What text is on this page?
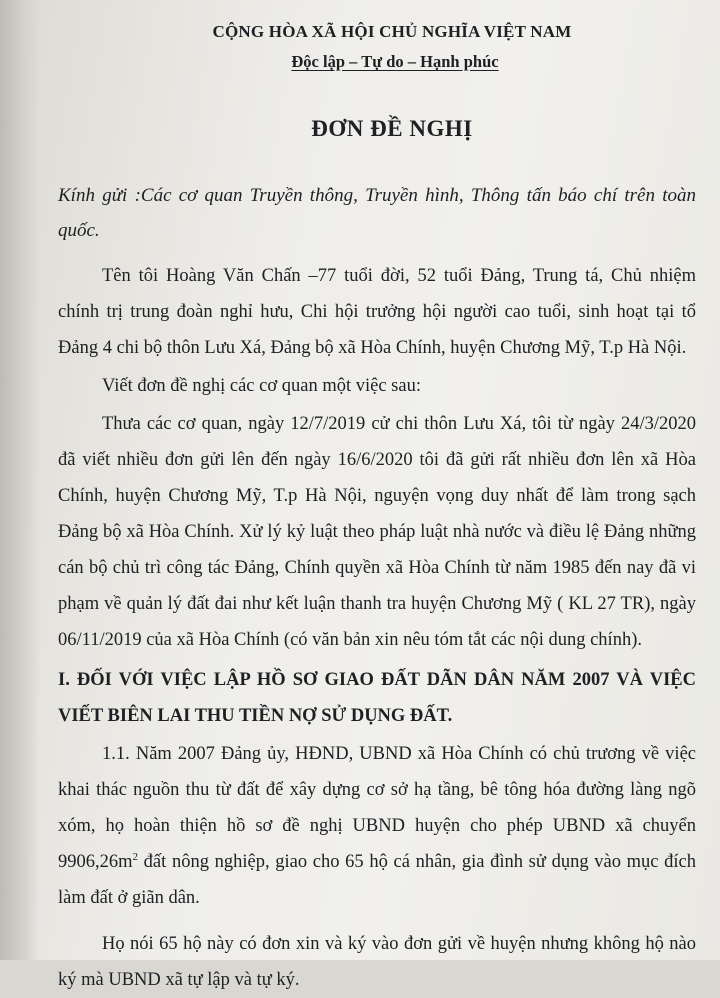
CỘNG HÒA XÃ HỘI CHỦ NGHĨA VIỆT NAM
Độc lập – Tự do – Hạnh phúc
ĐƠN ĐỀ NGHỊ
Kính gửi :Các cơ quan Truyền thông, Truyền hình, Thông tấn báo chí trên toàn quốc.

Tên tôi Hoàng Văn Chấn –77 tuổi đời, 52 tuổi Đảng, Trung tá, Chủ nhiệm chính trị trung đoàn nghỉ hưu, Chi hội trưởng hội người cao tuổi, sinh hoạt tại tổ Đảng 4 chi bộ thôn Lưu Xá, Đảng bộ xã Hòa Chính, huyện Chương Mỹ, T.p Hà Nội.

Viết đơn đề nghị các cơ quan một việc sau:

Thưa các cơ quan, ngày 12/7/2019 cử chi thôn Lưu Xá, tôi từ ngày 24/3/2020 đã viết nhiều đơn gửi lên đến ngày 16/6/2020 tôi đã gửi rất nhiều đơn lên xã Hòa Chính, huyện Chương Mỹ, T.p Hà Nội, nguyện vọng duy nhất để làm trong sạch Đảng bộ xã Hòa Chính. Xử lý kỷ luật theo pháp luật nhà nước và điều lệ Đảng những cán bộ chủ trì công tác Đảng, Chính quyền xã Hòa Chính từ năm 1985 đến nay đã vi phạm về quản lý đất đai như kết luận thanh tra huyện Chương Mỹ ( KL 27 TR), ngày 06/11/2019 của xã Hòa Chính (có văn bản xin nêu tóm tắt các nội dung chính).

I. ĐỐI VỚI VIỆC LẬP HỒ SƠ GIAO ĐẤT DÃN DÂN NĂM 2007 VÀ VIỆC VIẾT BIÊN LAI THU TIỀN NỢ SỬ DỤNG ĐẤT.

1.1. Năm 2007 Đảng ủy, HĐND, UBND xã Hòa Chính có chủ trương về việc khai thác nguồn thu từ đất để xây dựng cơ sở hạ tầng, bê tông hóa đường làng ngõ xóm, họ hoàn thiện hồ sơ đề nghị UBND huyện cho phép UBND xã chuyển $9906,26m^2$ đất nông nghiệp, giao cho 65 hộ cá nhân, gia đình sử dụng vào mục đích làm đất ở giãn dân.

Họ nói 65 hộ này có đơn xin và ký vào đơn gửi về huyện nhưng không hộ nào ký mà UBND xã tự lập và tự ký.
